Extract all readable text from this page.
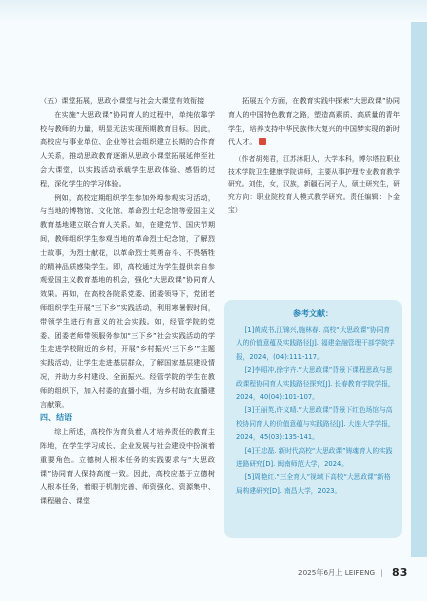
（五）课堂拓展，思政小课堂与社会大课堂有效衔接

在实施“大思政课”协同育人的过程中，单纯依靠学校与教师的力量，明显无法实现预期教育目标。因此，高校应与事业单位、企业等社会组织建立长期的合作育人关系，推动思政教育逐渐从思政小课堂拓展延伸至社会大课堂，以实践活动承载学生思政体验、感悟的过程，深化学生的学习体验。

例如，高校定期组织学生参加外埠参观实习活动，与当地的博物馆、文化馆、革命烈士纪念馆等爱国主义教育基地建立联合育人关系。如，在建党节、国庆节期间，教师组织学生参观当地的革命烈士纪念馆，了解烈士故事，为烈士献花，以革命烈士英勇奋斗、不畏牺牲的精神品质感染学生。即，高校通过为学生提供亲自参观爱国主义教育基地的机会，强化“大思政课”协同育人效果。再如，在高校各院系党委、团委领导下，党团老师组织学生开展“三下乡”实践活动，利用寒暑假时间，带领学生进行有意义的社会实践。如，经管学院的党委、团委老师带领服务参加“三下乡”社会实践活动的学生走进学校附近的乡村，开展“乡村振兴‘三下乡’”主题实践活动，让学生走进基层群众，了解国家基层建设情况，并助力乡村建设、全面振兴。经管学院的学生在教师的组织下，加入村委的直播小组，为乡村助农直播建言献策。

四、结语

综上所述，高校作为育负着人才培养责任的教育主阵地，在学生学习成长、企业发展与社会建设中扮演着重要角色。立德树人根本任务的实践要求与“大思政课”协同育人保持高度一致。因此，高校应基于立德树人根本任务，着眼于机制完善、师资强化、资源集中、课程融合、课堂

拓展五个方面，在教育实践中探索“大思政课”协同育人的中国特色教育之路，塑造高素质、高质量的青年学生，培养支持中华民族伟大复兴的中国梦实现的新时代人才。

（作者胡苑君，江苏沐阳人，大学本科，博尔塔拉职业技术学院卫生健康学院讲师，主要从事护理专业教育教学研究。刘佳，女，汉族，新疆石河子人，硕士研究生，研究方向：职业院校育人模式教学研究。责任编辑：卜金宝）

参考文献：
[1]黄成书,江锦兴,施林春. 高校“大思政课”协同育人的价值意蕴及实践路径[J]. 福建金融管理干部学院学报，2024，(04):111-117。
[2]李昭冲,徐宇卉.“大思政课”背景下课程思政与思政课程协同育人实践路径探究[J]. 长春教育学院学报，2024，40(04):101-107。
[3]王丽英,许义晴.“大思政课”背景下红色场馆与高校协同育人的价值意蕴与实践路径[J]. 大连大学学报，2024，45(03):135-141。
[4]王忠磊. 新时代高校“大思政课”铸魂育人的实践进路研究[D]. 闽南师范大学，2024。
[5]周艳红.“三全育人”视域下高校“大思政课”新格局构建研究[D]. 南昌大学，2023。
2025年6月上 LEIFENG | 83
